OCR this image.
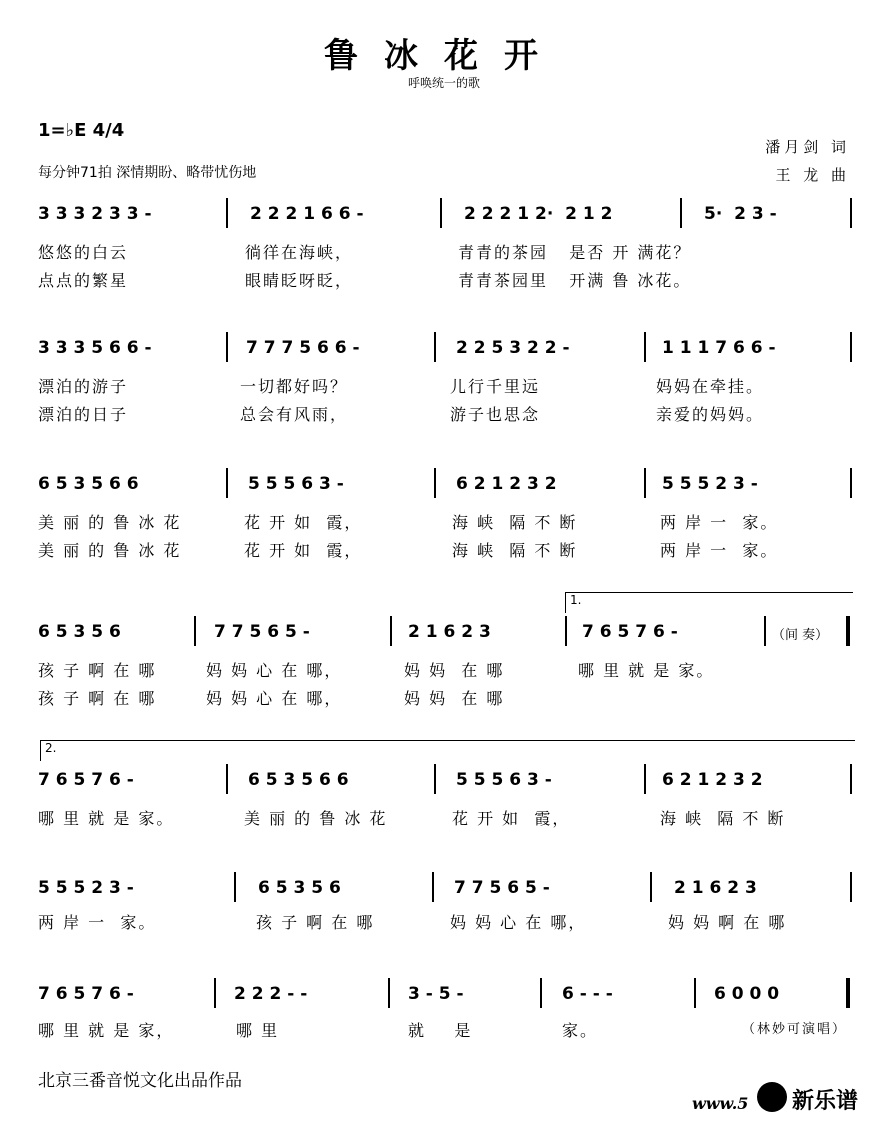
鲁冰花开
呼唤统一的歌
1=♭E 4/4
每分钟71拍 深情期盼、略带忧伤地
潘月剑 词
王 龙 曲
3 3 3 2 3 3 -	2 2 2 1 6 6 -	2 2 2 1 2·  2 1 2	5·  2 3 -
悠悠的白云	徜徉在海峡，	青青的茶园   是否 开 满花？
点点的繁星	眼睛眨呀眨，	青青茶园里   开满 鲁 冰花。
3 3 3 5 6 6 -	7 7 7 5 6 6 -	2 2 5 3 2 2 -	1 1 1 7 6 6 -
漂泊的游子	一切都好吗？	儿行千里远	妈妈在牵挂。
漂泊的日子	总会有风雨，	游子也思念	亲爱的妈妈。
6 5 3 5 6 6	5 5 5 6 3 -	6 2 1 2 3 2	5 5 5 2 3 -
美 丽 的 鲁 冰 花	花 开 如  霞，	海 峡  隔 不 断	两 岸 一  家。
美 丽 的 鲁 冰 花	花 开 如  霞，	海 峡  隔 不 断	两 岸 一  家。
1.
6 5 3 5 6	7 7 5 6 5 -	2 1 6 2 3	7 6 5 7 6 -	（间 奏）
孩 子 啊 在 哪	妈 妈 心 在 哪，	妈 妈  在 哪	哪 里 就 是 家。
孩 子 啊 在 哪	妈 妈 心 在 哪，	妈 妈  在 哪
2.
7 6 5 7 6 -	6 5 3 5 6 6	5 5 5 6 3 -	6 2 1 2 3 2
哪 里 就 是 家。	美 丽 的 鲁 冰 花	花 开 如  霞，	海 峡  隔 不 断
5 5 5 2 3 -	6 5 3 5 6	7 7 5 6 5 -	2 1 6 2 3
两 岸 一  家。	孩 子 啊 在 哪	妈 妈 心 在 哪，	妈 妈 啊 在 哪
7 6 5 7 6 -	2 2 2 - -	3 - 5 -	6 - - -	6 0 0 0
哪 里 就 是 家，	哪 里	就    是	家。	（林妙可演唱）
北京三番音悦文化出品作品
www.5 新乐谱
